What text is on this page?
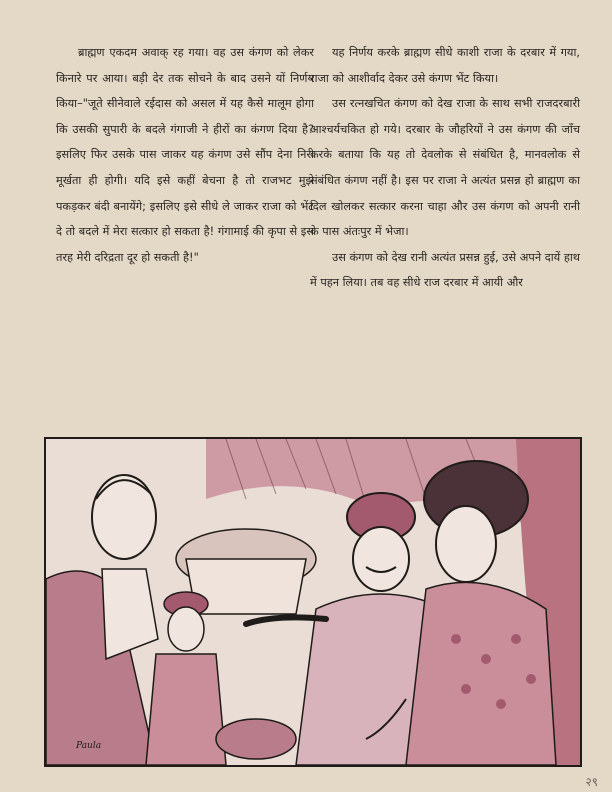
ब्राह्मण एकदम अवाक् रह गया। वह उस कंगण को लेकर किनारे पर आया। बड़ी देर तक सोचने के बाद उसने यों निर्णय किया–"जूते सीनेवाले रईदास को असल में यह कैसे मालूम होगा कि उसकी सुपारी के बदले गंगाजी ने हीरों का कंगण दिया है? इसलिए फिर उसके पास जाकर यह कंगण उसे सौंप देना निरी मूर्खता ही होगी। यदि इसे कहीं बेचना है तो राजभट मुझे पकड़कर बंदी बनायेंगे; इसलिए इसे सीधे ले जाकर राजा को भेंट दे तो बदले में मेरा सत्कार हो सकता है! गंगामाई की कृपा से इस तरह मेरी दरिद्रता दूर हो सकती है!"

यह निर्णय करके ब्राह्मण सीधे काशी राजा के दरबार में गया, राजा को आशीर्वाद देकर उसे कंगण भेंट किया।

उस रत्नखचित कंगण को देख राजा के साथ सभी राजदरबारी आश्चर्यचकित हो गये। दरबार के जौहरियों ने उस कंगण की जाँच करके बताया कि यह तो देवलोक से संबंधित है, मानवलोक से संबंधित कंगण नहीं है। इस पर राजा ने अत्यंत प्रसन्न हो ब्राह्मण का दिल खोलकर सत्कार करना चाहा और उस कंगण को अपनी रानी के पास अंतःपुर में भेजा।

उस कंगण को देख रानी अत्यंत प्रसन्न हुई, उसे अपने दायें हाथ में पहन लिया। तब वह सीधे राज दरबार में आयी और

Paula
२९
